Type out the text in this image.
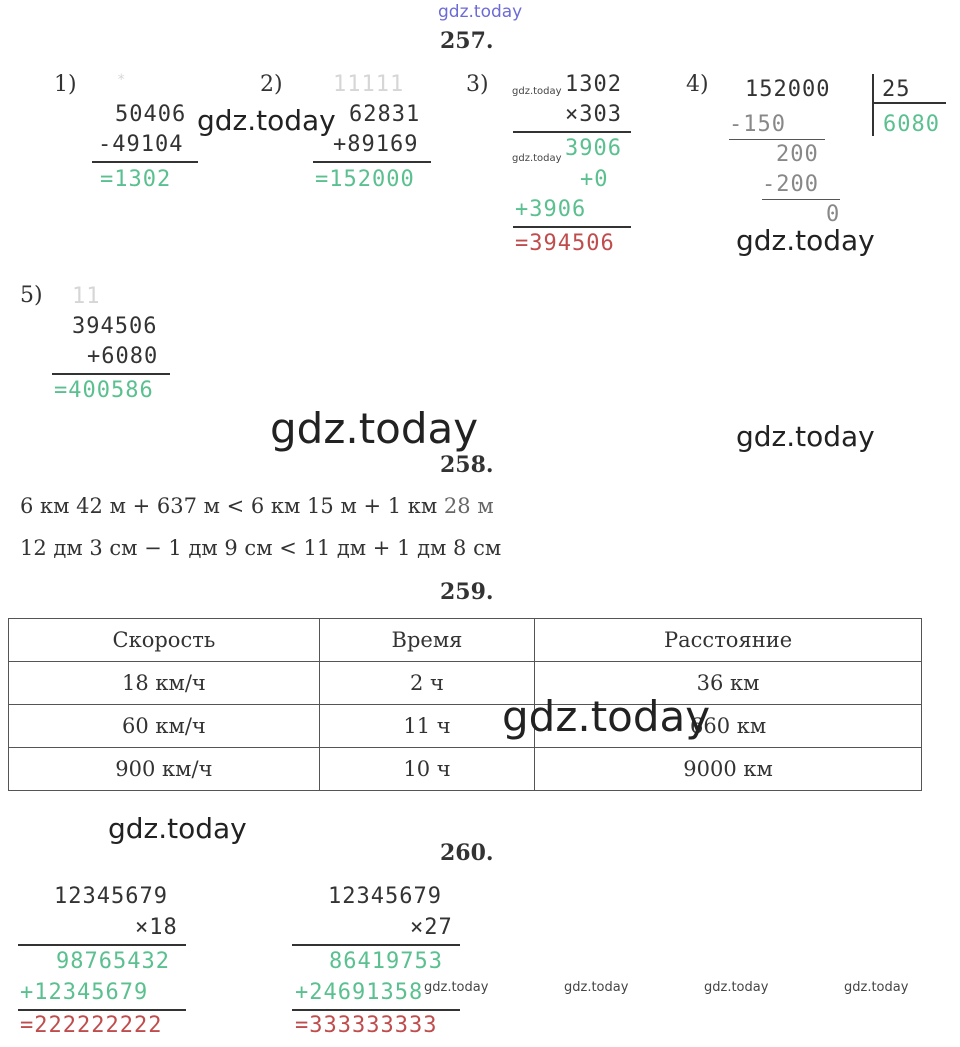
gdz.today
257.
1)	*
50406
-49104
=1302
gdz.today
2) 11111
62831
+89169
=152000
3) gdz.today 1302
×303
gdz.today 3906
+0
+3906
=394506
4) 152000 25
6080
-150
200
-200
0
gdz.today
5) 11
394506
+6080
=400586
gdz.today	gdz.today
258.
6 км 42 м + 637 м < 6 км 15 м + 1 км 28 м
12 дм 3 см − 1 дм 9 см < 11 дм + 1 дм 8 см
259.
Скорость	Время	Расстояние
18 км/ч	2 ч	36 км
60 км/ч	11 ч	660 км
900 км/ч	10 ч	9000 км
gdz.today
gdz.today
260.
12345679
×18
98765432
+12345679
=222222222
12345679
×27
86419753
+24691358
=333333333
gdz.today	gdz.today	gdz.today	gdz.today
